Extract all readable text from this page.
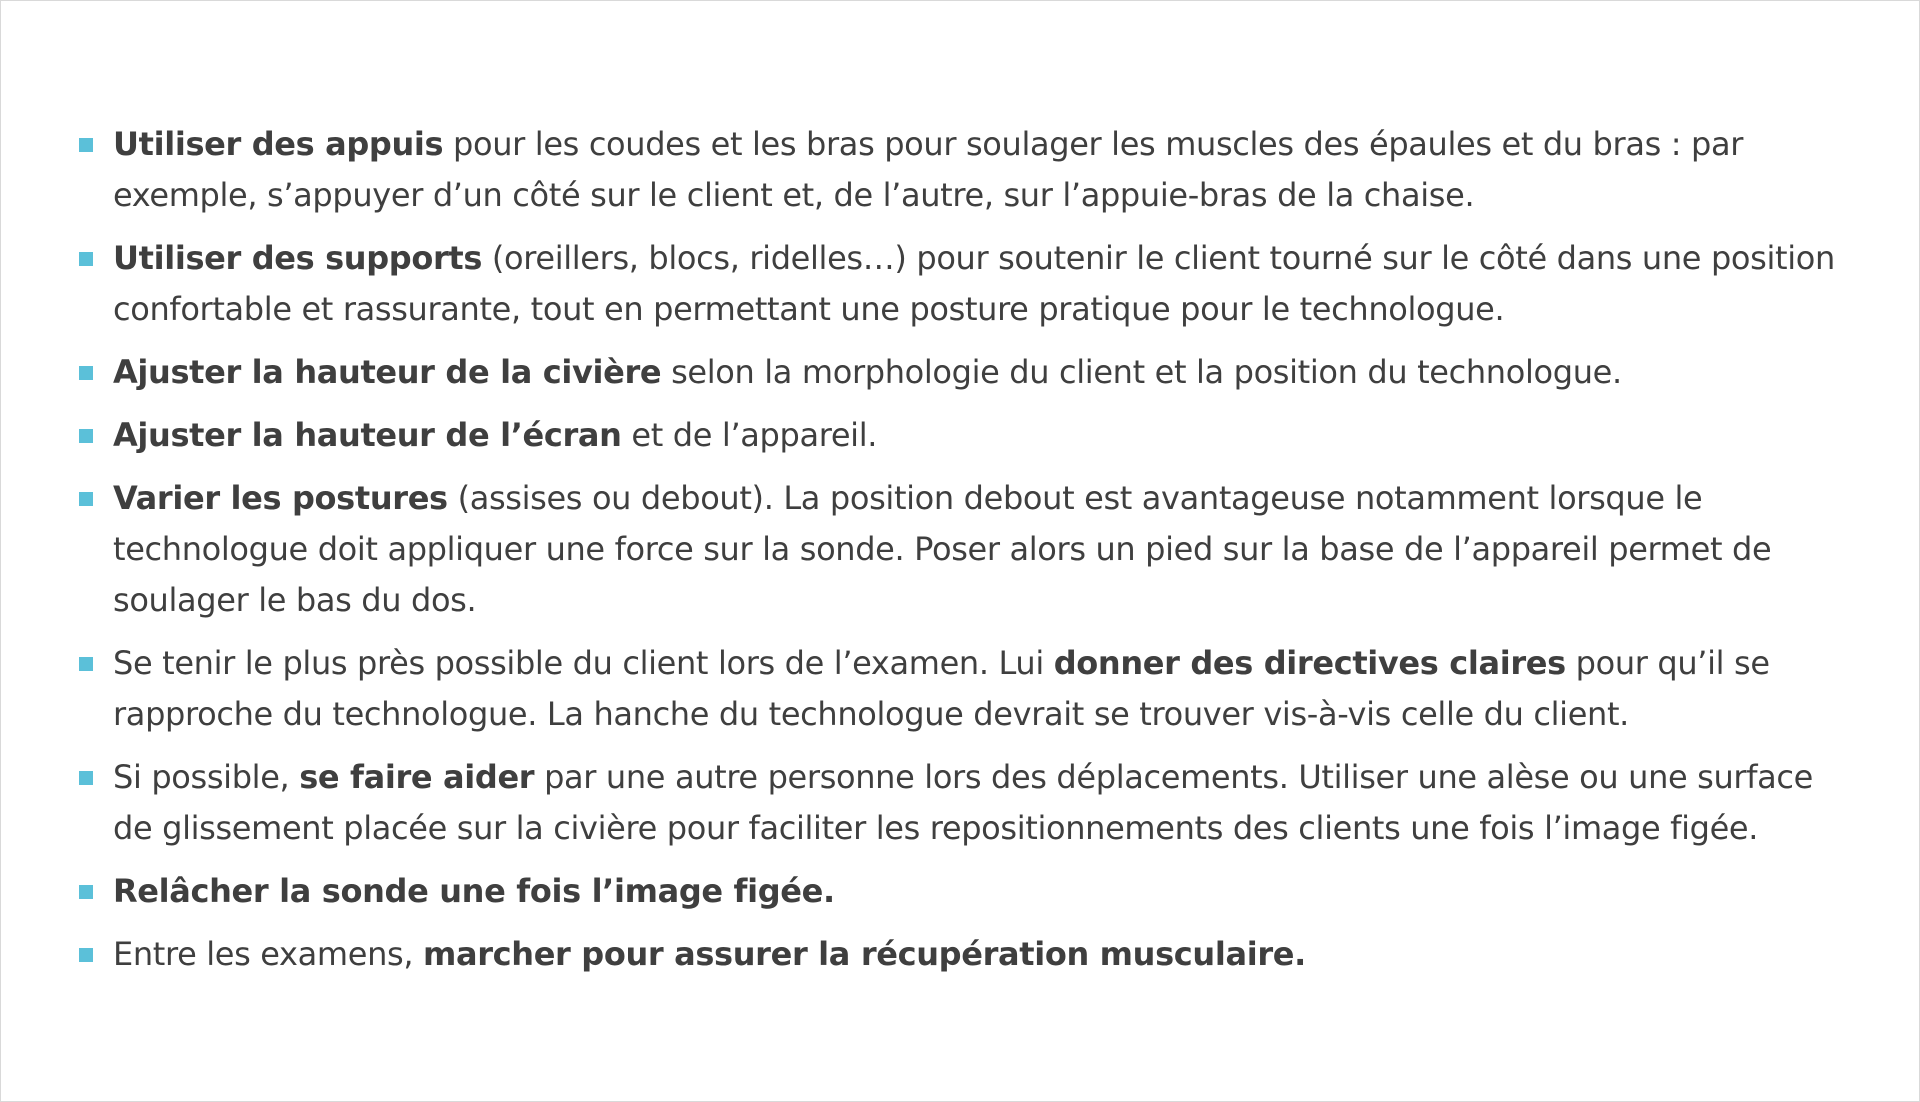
Utiliser des appuis pour les coudes et les bras pour soulager les muscles des épaules et du bras : par exemple, s’appuyer d’un côté sur le client et, de l’autre, sur l’appuie-bras de la chaise.
Utiliser des supports (oreillers, blocs, ridelles…) pour soutenir le client tourné sur le côté dans une position confortable et rassurante, tout en permettant une posture pratique pour le technologue.
Ajuster la hauteur de la civière selon la morphologie du client et la position du technologue.
Ajuster la hauteur de l’écran et de l’appareil.
Varier les postures (assises ou debout). La position debout est avantageuse notamment lorsque le technologue doit appliquer une force sur la sonde. Poser alors un pied sur la base de l’appareil permet de soulager le bas du dos.
Se tenir le plus près possible du client lors de l’examen. Lui donner des directives claires pour qu’il se rapproche du technologue. La hanche du technologue devrait se trouver vis-à-vis celle du client.
Si possible, se faire aider par une autre personne lors des déplacements. Utiliser une alèse ou une surface de glissement placée sur la civière pour faciliter les repositionnements des clients une fois l’image figée.
Relâcher la sonde une fois l’image figée.
Entre les examens, marcher pour assurer la récupération musculaire.
